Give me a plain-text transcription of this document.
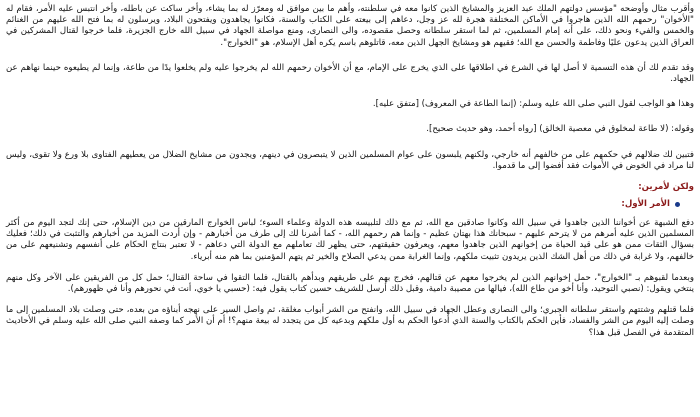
وأقرب مثال وأوضحه "مؤسس دولتهم الملك عبد العزيز والمشايخ الذين كانوا معه في سلطنته، وأهم ما بين موافق له ومعرّز له بما يشاء، وأخر ساكت عن باطله، وأخر انتبس عليه الأمر، فقام له "الأخوان" رحمهم الله الذين هاجروا في الأماكن المختلفة هجرة لله عز وجل، دعاهم إلى بيعته على الكتاب والسنة، فكانوا يجاهدون ويفتحون البلاد، ويرسلون له بما فتح الله عليهم من الغنائم والخمس والفيء ونحو ذلك، على أنه إمام المسلمين، ثم لما استقر سلطانه وحصل مقصوده، والى النصارى، ومنع مواصلة الجهاد في سبيل الله خارج الجزيرة، فلما خرجوا لقتال المشركين في العراق الذين يدعون عليًا وفاطمة والحسن مع الله؛ فقيهم هو ومشايخ الجهل الذين معه، قاتلوهم باسم يكره أهل الإسلام، هو "الخوارج".

وقد تقدم لك أن هذه التسمية لا أصل لها في الشرع في اطلاقها على الذي يخرج على الإمام، مع أن الأخوان رحمهم الله لم يخرجوا عليه ولم يخلعوا يدًا من طاعة، وإنما لم يطيعوه حينما نهاهم عن الجهاد.

وهذا هو الواجب لقول النبي صلى الله عليه وسلم: (إنما الطاعة في المعروف) [متفق عليه].

وقوله: (لا طاعة لمخلوق في معصية الخالق) [رواه أحمد، وهو حديث صحيح].

فتبين لك ضلالهم في حكمهم على من خالفهم أنه خارجي، ولكنهم يلبسون على عوام المسلمين الذين لا يتبصرون في دينهم، ويجدون من مشايخ الضلال من يعطيهم الفتاوى بلا ورع ولا تقوى، وليس لنا مراد في الخوض في الأموات فقد أفضوا إلى ما قدموا.

ولكن لأمرين:
الأمر الأول:

دفع الشبهة عن أخواننا الذين جاهدوا في سبيل الله وكانوا صادقين مع الله، ثم مع ذلك لتلبيسه هذه الدولة وعلماء السوء؛ لباس الخوارج المارقين من دين الإسلام، حتى إنك لتجد اليوم من أكثر المسلمين الذين عليه أمرهم من لا يترحم عليهم - سبحانك هذا بهتان عظيم - وإنما هم رحمهم الله، - كما أشرنا لك إلى طرف من أخبارهم - وإن أردت المزيد من أخبارهم والتثبت في ذلك؛ فعليك بسؤال الثقات ممن هو على قيد الحياة من إخوانهم الذين جاهدوا معهم، ويعرفون حقيقتهم، حتى يظهر لك تعاملهم مع الدولة التي دعاهم - لا تعتبر بنتاج الحكام على أنفسهم وتشنيعهم على من خالفهم، ولا غرابة في ذلك من أهل الشك الذين يريدون تثبيت ملكهم، وإنما الغرابة ممن يدعي الصلاح والخير ثم يتهم المؤمنين بما هم منه أبرياء.

وبعدما لقبوهم بـ "الخوارج"، حمل إخوانهم الذين لم يخرجوا معهم عن قتالهم، فخرج بهم على طريقهم وبدأهم بالقتال، فلما التقوا في ساحة القتال؛ حمل كل من الفريقين على الآخر وكل منهم ينتخي ويقول: (نصبي التوحيد، وأنا أخو من طاع الله)، فيالها من مصيبة دامية، وقبل ذلك أرسل للشريف حسين كتاب يقول فيه: (حسبي يا خوي، أنت في نحورهم وأنا في ظهورهم).

فلما قتلهم وشتتهم واستقر سلطانه الجبري؛ والى النصارى وعطل الجهاد في سبيل الله، وانفتح من الشر أبواب مغلقة، ثم واصل السير على نهجه أبناؤه من بعده، حتى وصلت بلاد المسلمين إلى ما وصلت إليه اليوم من الشر والفساد، فأين الحكم بالكتاب والسنة الذي أدعوا الحكم به أول ملكهم وبدعيه كل من يتجدد له بيعة منهم؟! أم أن الأمر كما وصفه النبي صلى الله عليه وسلم في الأحاديث المتقدمة في الفصل قبل هذا؟
